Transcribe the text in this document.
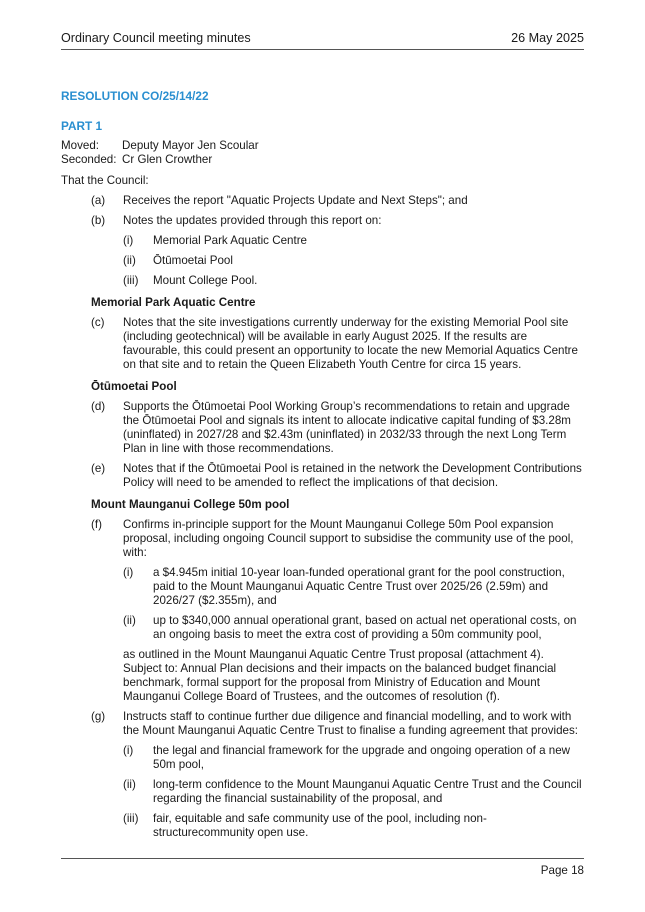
Ordinary Council meeting minutes	26 May 2025
RESOLUTION CO/25/14/22
PART 1
Moved:	Deputy Mayor Jen Scoular
Seconded: Cr Glen Crowther
That the Council:
(a) Receives the report "Aquatic Projects Update and Next Steps"; and
(b) Notes the updates provided through this report on:
(i) Memorial Park Aquatic Centre
(ii) Ōtūmoetai Pool
(iii) Mount College Pool.
Memorial Park Aquatic Centre
(c) Notes that the site investigations currently underway for the existing Memorial Pool site (including geotechnical) will be available in early August 2025. If the results are favourable, this could present an opportunity to locate the new Memorial Aquatics Centre on that site and to retain the Queen Elizabeth Youth Centre for circa 15 years.
Ōtūmoetai Pool
(d) Supports the Ōtūmoetai Pool Working Group’s recommendations to retain and upgrade the Ōtūmoetai Pool and signals its intent to allocate indicative capital funding of $3.28m (uninflated) in 2027/28 and $2.43m (uninflated) in 2032/33 through the next Long Term Plan in line with those recommendations.
(e) Notes that if the Ōtūmoetai Pool is retained in the network the Development Contributions Policy will need to be amended to reflect the implications of that decision.
Mount Maunganui College 50m pool
(f) Confirms in-principle support for the Mount Maunganui College 50m Pool expansion proposal, including ongoing Council support to subsidise the community use of the pool, with:
(i) a $4.945m initial 10-year loan-funded operational grant for the pool construction, paid to the Mount Maunganui Aquatic Centre Trust over 2025/26 (2.59m) and 2026/27 ($2.355m), and
(ii) up to $340,000 annual operational grant, based on actual net operational costs, on an ongoing basis to meet the extra cost of providing a 50m community pool,
as outlined in the Mount Maunganui Aquatic Centre Trust proposal (attachment 4). Subject to: Annual Plan decisions and their impacts on the balanced budget financial benchmark, formal support for the proposal from Ministry of Education and Mount Maunganui College Board of Trustees, and the outcomes of resolution (f).
(g) Instructs staff to continue further due diligence and financial modelling, and to work with the Mount Maunganui Aquatic Centre Trust to finalise a funding agreement that provides:
(i) the legal and financial framework for the upgrade and ongoing operation of a new 50m pool,
(ii) long-term confidence to the Mount Maunganui Aquatic Centre Trust and the Council regarding the financial sustainability of the proposal, and
(iii) fair, equitable and safe community use of the pool, including non-structurecommunity open use.
Page 18
